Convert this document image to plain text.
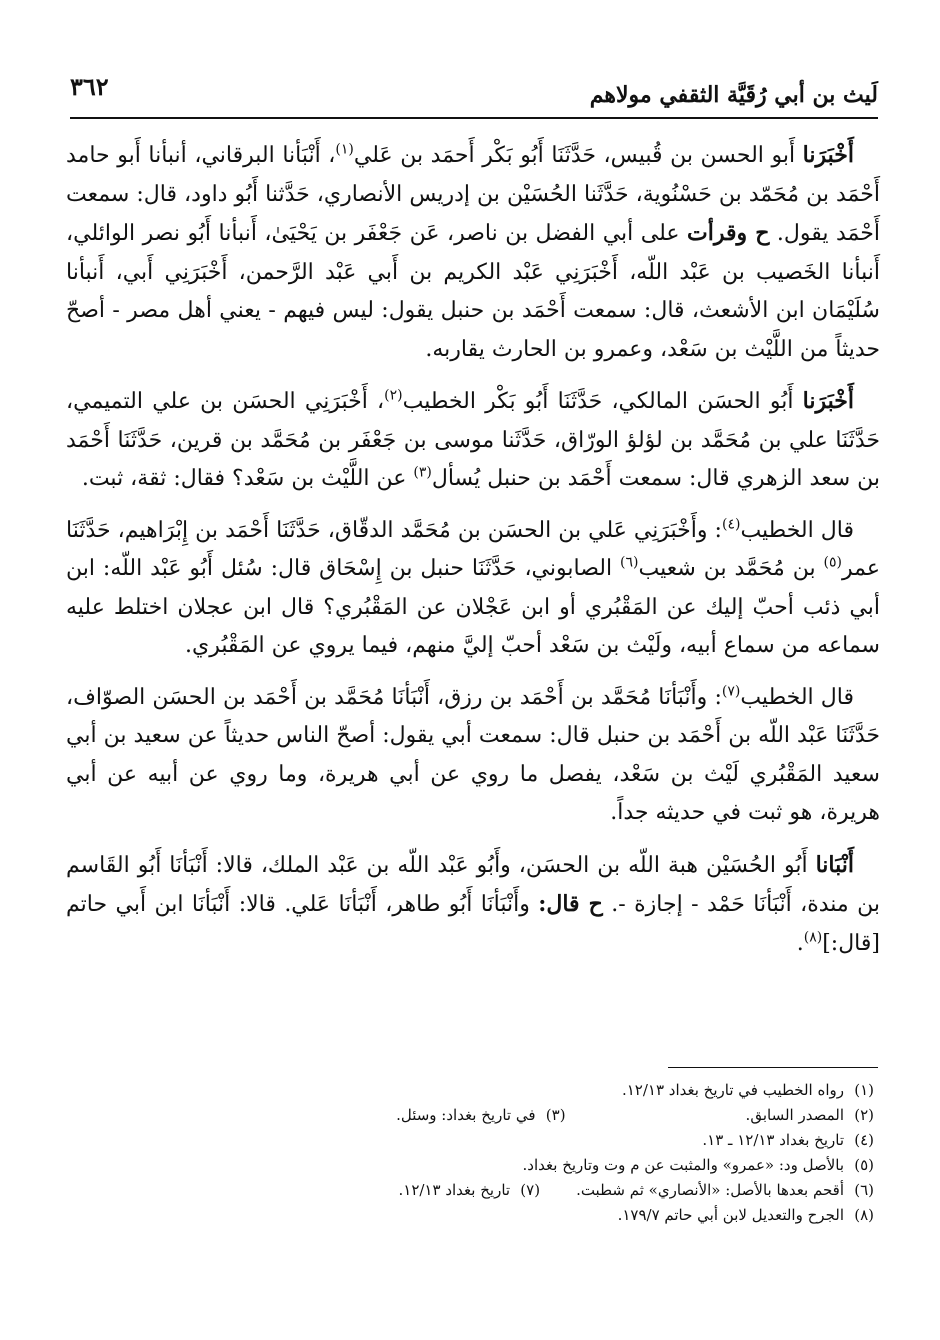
لَيث بن أبي رُقَيَّة الثقفي مولاهم
٣٦٢

أَخْبَرَنا أَبو الحسن بن قُبيس، حَدَّثَنَا أَبُو بَكْر أَحمَد بن عَلي$^{(١)}$، أَنْبَأنا البرقاني، أنبأنا أَبو حامد أَحْمَد بن مُحَمّد بن حَسْنُوية، حَدَّثَنا الحُسَيْن بن إدريس الأنصاري، حَدَّثنا أَبُو داود، قال: سمعت أَحْمَد يقول. ح وقرأت على أبي الفضل بن ناصر، عَن جَعْفَر بن يَحْيَىٰ، أَنبأنا أَبُو نصر الوائلي، أَنبأنا الخَصيب بن عَبْد اللّه، أَخْبَرَنِي عَبْد الكريم بن أَبي عَبْد الرَّحمن، أَخْبَرَنِي أَبي، أَنبأنا سُلَيْمَان ابن الأشعث، قال: سمعت أَحْمَد بن حنبل يقول: ليس فيهم - يعني أهل مصر - أصحّ حديثاً من اللَّيْث بن سَعْد، وعمرو بن الحارث يقاربه.

أَخْبَرَنا أَبُو الحسَن المالكي، حَدَّثَنَا أَبُو بَكْر الخطيب$^{(٢)}$، أَخْبَرَنِي الحسَن بن علي التميمي، حَدَّثَنَا علي بن مُحَمَّد بن لؤلؤ الورّاق، حَدَّثَنا موسى بن جَعْفَر بن مُحَمَّد بن قرين، حَدَّثَنَا أَحْمَد بن سعد الزهري قال: سمعت أَحْمَد بن حنبل يُسأل$^{(٣)}$ عن اللَّيْث بن سَعْد؟ فقال: ثقة، ثبت.

قال الخطيب$^{(٤)}$: وأَخْبَرَنِي عَلي بن الحسَن بن مُحَمَّد الدقّاق، حَدَّثَنَا أَحْمَد بن إِبْرَاهيم، حَدَّثَنَا عمر$^{(٥)}$ بن مُحَمَّد بن شعيب$^{(٦)}$ الصابوني، حَدَّثَنَا حنبل بن إِسْحَاق قال: سُئل أَبُو عَبْد اللّه: ابن أبي ذئب أحبّ إليك عن المَقْبُري أو ابن عَجْلان عن المَقْبُري؟ قال ابن عجلان اختلط عليه سماعه من سماع أبيه، ولَيْث بن سَعْد أحبّ إليَّ منهم، فيما يروي عن المَقْبُري.

قال الخطيب$^{(٧)}$: وأَنْبَأنَا مُحَمَّد بن أَحْمَد بن رزق، أَنْبَأنَا مُحَمَّد بن أَحْمَد بن الحسَن الصوّاف، حَدَّثَنَا عَبْد اللّه بن أَحْمَد بن حنبل قال: سمعت أبي يقول: أصحّ الناس حديثاً عن سعيد بن أبي سعيد المَقْبُري لَيْث بن سَعْد، يفصل ما روي عن أبي هريرة، وما روي عن أبيه عن أبي هريرة، هو ثبت في حديثه جداً.

أَنْبَانا أَبُو الحُسَيْن هبة اللّه بن الحسَن، وأَبُو عَبْد اللّه بن عَبْد الملك، قالا: أَنْبَأنَا أَبُو القَاسم بن مندة، أَنْبَأنَا حَمْد - إجازة -. ح قال: وأَنْبَأنَا أَبُو طاهر، أَنْبَأنَا عَلي. قالا: أَنْبَأنَا ابن أَبي حاتم [قال:]$^{(٨)}$.

(١)رواه الخطيب في تاريخ بغداد ١٢/١٣.
(٢)المصدر السابق.
(٣)في تاريخ بغداد: وسئل.
(٤)تاريخ بغداد ١٢/١٣ ـ ١٣.
(٥)بالأصل ود: «عمرو» والمثبت عن م وت وتاريخ بغداد.
(٦)أقحم بعدها بالأصل: «الأنصاري» ثم شطبت.
(٧)تاريخ بغداد ١٢/١٣.
(٨)الجرح والتعديل لابن أبي حاتم ١٧٩/٧.
